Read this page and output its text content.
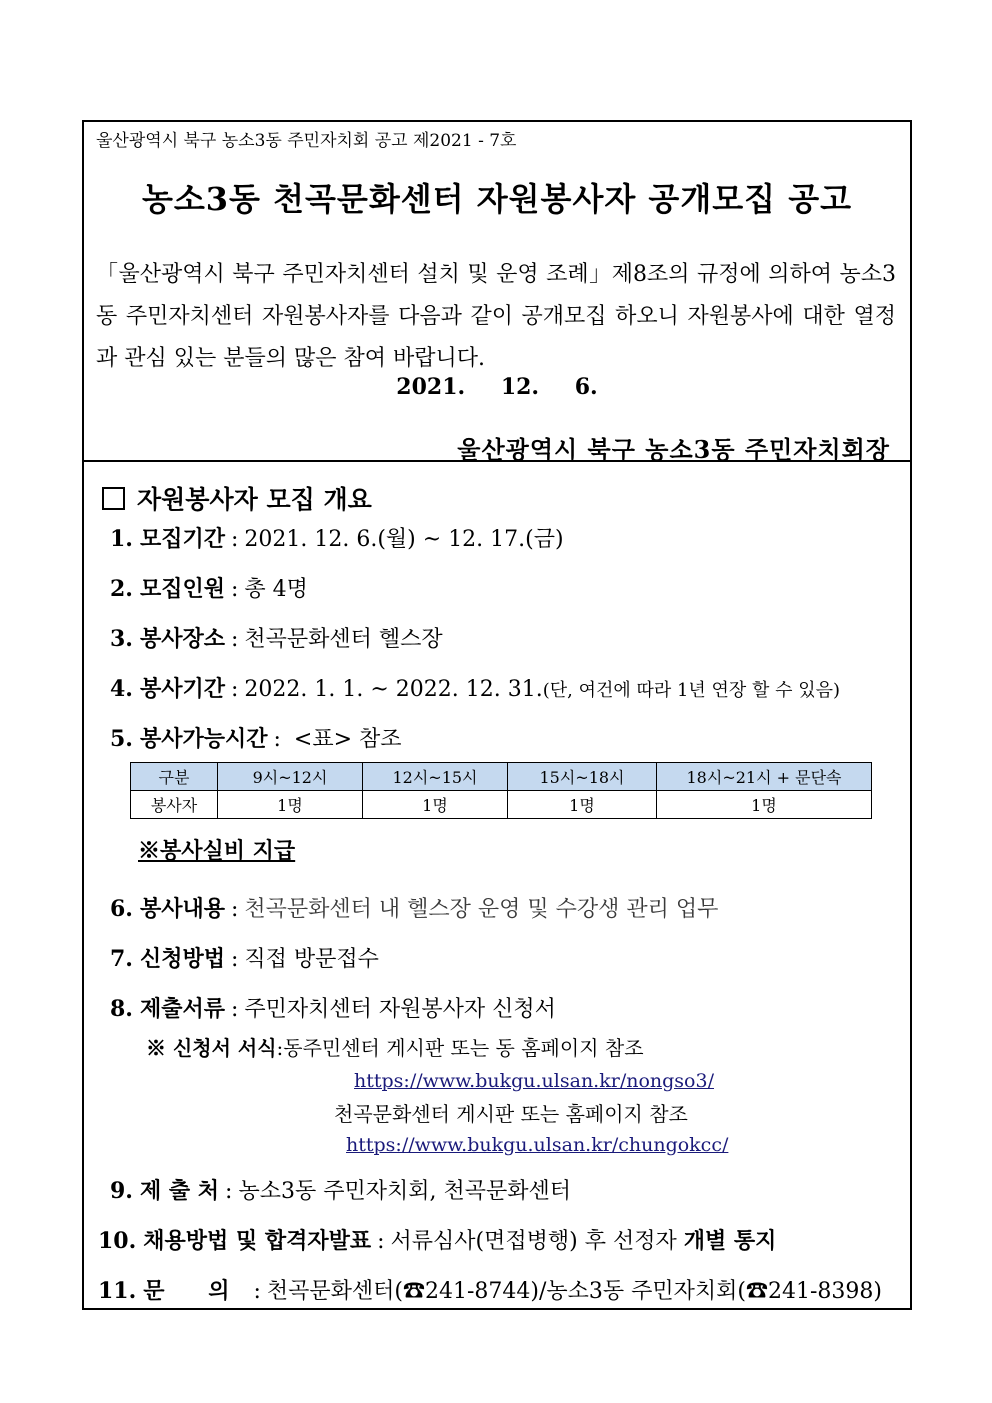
울산광역시 북구 농소3동 주민자치회 공고 제2021 - 7호
농소3동 천곡문화센터 자원봉사자 공개모집 공고
「울산광역시 북구 주민자치센터 설치 및 운영 조례」제8조의 규정에 의하여 농소3동 주민자치센터 자원봉사자를 다음과 같이 공개모집 하오니 자원봉사에 대한 열정과 관심 있는 분들의 많은 참여 바랍니다.
2021. 12. 6.
울산광역시 북구 농소3동 주민자치회장
자원봉사자 모집 개요
1. 모집기간 : 2021. 12. 6.(월) ~ 12. 17.(금)
2. 모집인원 : 총 4명
3. 봉사장소 : 천곡문화센터 헬스장
4. 봉사기간 : 2022. 1. 1. ~ 2022. 12. 31.(단, 여건에 따라 1년 연장 할 수 있음)
5. 봉사가능시간 : <표> 참조
구분	9시~12시	12시~15시	15시~18시	18시~21시 + 문단속
봉사자	1명	1명	1명	1명
※봉사실비 지급
6. 봉사내용 : 천곡문화센터 내 헬스장 운영 및 수강생 관리 업무
7. 신청방법 : 직접 방문접수
8. 제출서류 : 주민자치센터 자원봉사자 신청서
※ 신청서 서식:동주민센터 게시판 또는 동 홈페이지 참조
https://www.bukgu.ulsan.kr/nongso3/
천곡문화센터 게시판 또는 홈페이지 참조
https://www.bukgu.ulsan.kr/chungokcc/
9. 제 출 처 : 농소3동 주민자치회, 천곡문화센터
10. 채용방법 및 합격자발표 : 서류심사(면접병행) 후 선정자 개별 통지
11. 문 의 : 천곡문화센터(☎241-8744)/농소3동 주민자치회(☎241-8398)
